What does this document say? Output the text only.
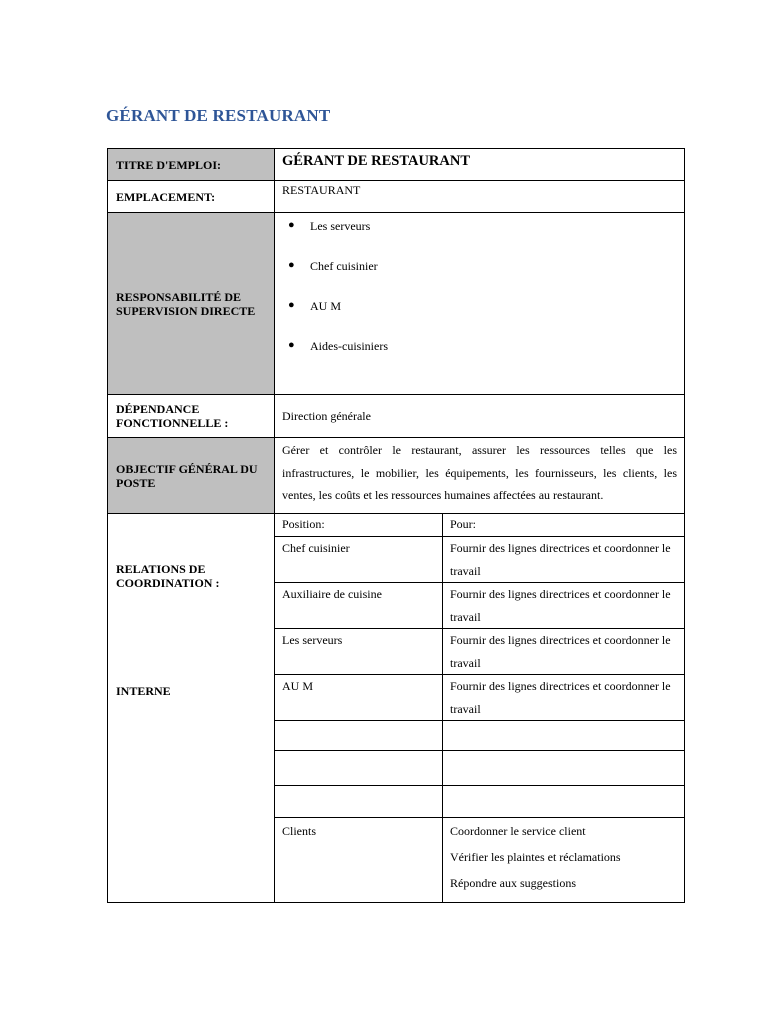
GÉRANT DE RESTAURANT
TITRE D'EMPLOI:	GÉRANT DE RESTAURANT
EMPLACEMENT:	RESTAURANT

RESPONSABILITÉ DE
SUPERVISION DIRECTE

●	Les serveurs
●	Chef cuisinier
●	AU M
●	Aides-cuisiniers

DÉPENDANCE
FONCTIONNELLE :
	Direction générale

OBJECTIF GÉNÉRAL DU
POSTE
	Gérer et contrôler le restaurant, assurer les ressources telles que les infrastructures, le mobilier, les équipements, les fournisseurs, les clients, les ventes, les coûts et les ressources humaines affectées au restaurant.

RELATIONS DE
COORDINATION :
INTERNE

Position:	Pour:
Chef cuisinier	Fournir des lignes directrices et coordonner le travail
Auxiliaire de cuisine	Fournir des lignes directrices et coordonner le travail
Les serveurs	Fournir des lignes directrices et coordonner le travail
AU M	Fournir des lignes directrices et coordonner le travail

Clients	Coordonner le service client
Vérifier les plaintes et réclamations
Répondre aux suggestions
